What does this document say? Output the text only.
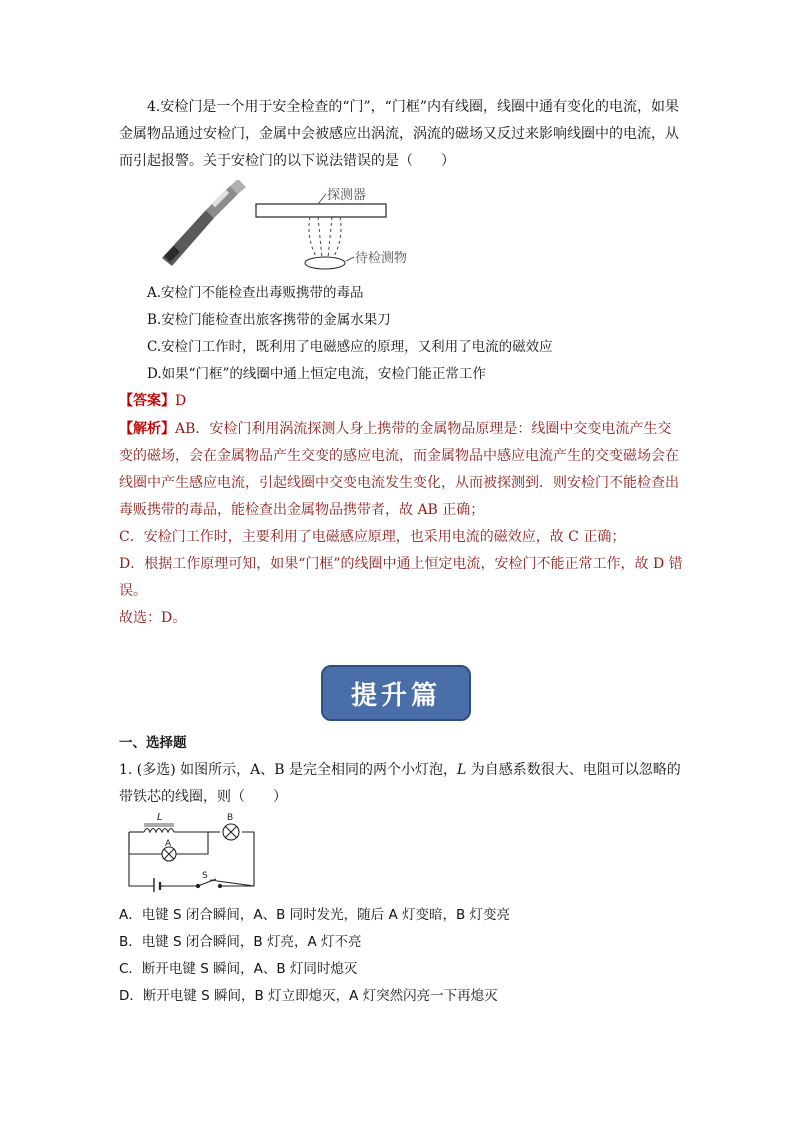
4.安检门是一个用于安全检查的“门”，“门框”内有线圈，线圈中通有变化的电流，如果
金属物品通过安检门，金属中会被感应出涡流，涡流的磁场又反过来影响线圈中的电流，从
而引起报警。关于安检门的以下说法错误的是（　　）
探测器
待检测物
A.安检门不能检查出毒贩携带的毒品
B.安检门能检查出旅客携带的金属水果刀
C.安检门工作时，既利用了电磁感应的原理，又利用了电流的磁效应
D.如果“门框”的线圈中通上恒定电流，安检门能正常工作
【答案】D
【解析】AB．安检门利用涡流探测人身上携带的金属物品原理是：线圈中交变电流产生交
变的磁场，会在金属物品产生交变的感应电流，而金属物品中感应电流产生的交变磁场会在
线圈中产生感应电流，引起线圈中交变电流发生变化，从而被探测到．则安检门不能检查出
毒贩携带的毒品，能检查出金属物品携带者，故 AB 正确；
C．安检门工作时，主要利用了电磁感应原理，也采用电流的磁效应，故 C 正确；
D．根据工作原理可知，如果“门框”的线圈中通上恒定电流，安检门不能正常工作，故 D 错
误。
故选：D。
提升篇
一、选择题
1. (多选) 如图所示，A、B 是完全相同的两个小灯泡，L 为自感系数很大、电阻可以忽略的
带铁芯的线圈，则（　　）
L
A
B
S
A．电键 S 闭合瞬间，A、B 同时发光，随后 A 灯变暗，B 灯变亮
B．电键 S 闭合瞬间，B 灯亮，A 灯不亮
C．断开电键 S 瞬间，A、B 灯同时熄灭
D．断开电键 S 瞬间，B 灯立即熄灭，A 灯突然闪亮一下再熄灭
